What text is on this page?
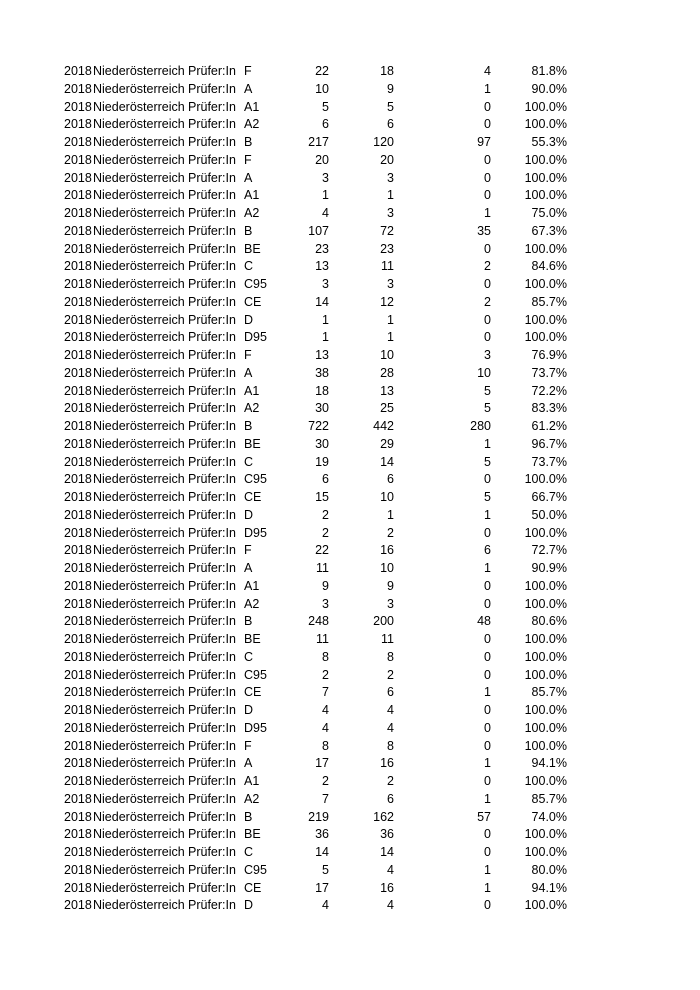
2018 Niederösterreich Prüfer:In F	22	18	4	81.8%
2018 Niederösterreich Prüfer:In A	10	9	1	90.0%
2018 Niederösterreich Prüfer:In A1	5	5	0	100.0%
2018 Niederösterreich Prüfer:In A2	6	6	0	100.0%
2018 Niederösterreich Prüfer:In B	217	120	97	55.3%
2018 Niederösterreich Prüfer:In F	20	20	0	100.0%
2018 Niederösterreich Prüfer:In A	3	3	0	100.0%
2018 Niederösterreich Prüfer:In A1	1	1	0	100.0%
2018 Niederösterreich Prüfer:In A2	4	3	1	75.0%
2018 Niederösterreich Prüfer:In B	107	72	35	67.3%
2018 Niederösterreich Prüfer:In BE	23	23	0	100.0%
2018 Niederösterreich Prüfer:In C	13	11	2	84.6%
2018 Niederösterreich Prüfer:In C95	3	3	0	100.0%
2018 Niederösterreich Prüfer:In CE	14	12	2	85.7%
2018 Niederösterreich Prüfer:In D	1	1	0	100.0%
2018 Niederösterreich Prüfer:In D95	1	1	0	100.0%
2018 Niederösterreich Prüfer:In F	13	10	3	76.9%
2018 Niederösterreich Prüfer:In A	38	28	10	73.7%
2018 Niederösterreich Prüfer:In A1	18	13	5	72.2%
2018 Niederösterreich Prüfer:In A2	30	25	5	83.3%
2018 Niederösterreich Prüfer:In B	722	442	280	61.2%
2018 Niederösterreich Prüfer:In BE	30	29	1	96.7%
2018 Niederösterreich Prüfer:In C	19	14	5	73.7%
2018 Niederösterreich Prüfer:In C95	6	6	0	100.0%
2018 Niederösterreich Prüfer:In CE	15	10	5	66.7%
2018 Niederösterreich Prüfer:In D	2	1	1	50.0%
2018 Niederösterreich Prüfer:In D95	2	2	0	100.0%
2018 Niederösterreich Prüfer:In F	22	16	6	72.7%
2018 Niederösterreich Prüfer:In A	11	10	1	90.9%
2018 Niederösterreich Prüfer:In A1	9	9	0	100.0%
2018 Niederösterreich Prüfer:In A2	3	3	0	100.0%
2018 Niederösterreich Prüfer:In B	248	200	48	80.6%
2018 Niederösterreich Prüfer:In BE	11	11	0	100.0%
2018 Niederösterreich Prüfer:In C	8	8	0	100.0%
2018 Niederösterreich Prüfer:In C95	2	2	0	100.0%
2018 Niederösterreich Prüfer:In CE	7	6	1	85.7%
2018 Niederösterreich Prüfer:In D	4	4	0	100.0%
2018 Niederösterreich Prüfer:In D95	4	4	0	100.0%
2018 Niederösterreich Prüfer:In F	8	8	0	100.0%
2018 Niederösterreich Prüfer:In A	17	16	1	94.1%
2018 Niederösterreich Prüfer:In A1	2	2	0	100.0%
2018 Niederösterreich Prüfer:In A2	7	6	1	85.7%
2018 Niederösterreich Prüfer:In B	219	162	57	74.0%
2018 Niederösterreich Prüfer:In BE	36	36	0	100.0%
2018 Niederösterreich Prüfer:In C	14	14	0	100.0%
2018 Niederösterreich Prüfer:In C95	5	4	1	80.0%
2018 Niederösterreich Prüfer:In CE	17	16	1	94.1%
2018 Niederösterreich Prüfer:In D	4	4	0	100.0%
